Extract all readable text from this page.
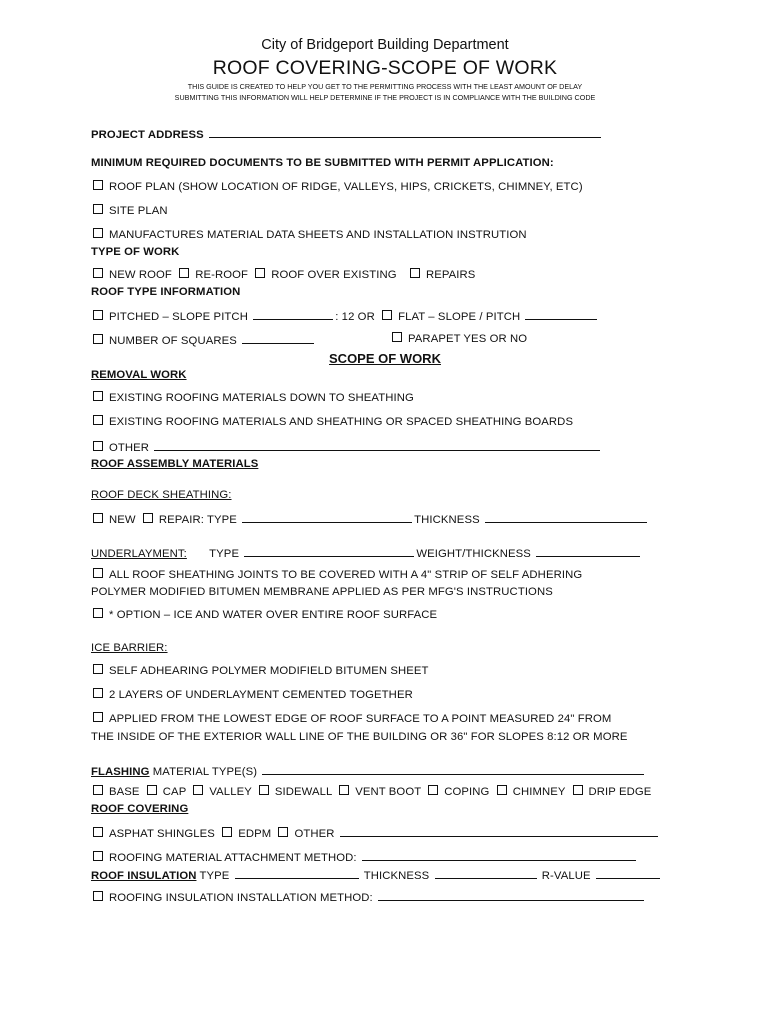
City of Bridgeport Building Department
ROOF COVERING-SCOPE OF WORK
THIS GUIDE IS CREATED TO HELP YOU GET TO THE PERMITTING PROCESS WITH THE LEAST AMOUNT OF DELAY
SUBMITTING THIS INFORMATION WILL HELP DETERMINE IF THE PROJECT IS IN COMPLIANCE WITH THE BUILDING CODE
PROJECT ADDRESS
MINIMUM REQUIRED DOCUMENTS TO BE SUBMITTED WITH PERMIT APPLICATION:
ROOF PLAN (SHOW LOCATION OF RIDGE, VALLEYS, HIPS, CRICKETS, CHIMNEY, ETC)
SITE PLAN
MANUFACTURES MATERIAL DATA SHEETS AND INSTALLATION INSTRUTION
TYPE OF WORK
NEW ROOF RE-ROOF ROOF OVER EXISTING	REPAIRS
ROOF TYPE INFORMATION
PITCHED – SLOPE PITCH	: 12 OR FLAT – SLOPE / PITCH
NUMBER OF SQUARES	PARAPET YES OR NO
SCOPE OF WORK
REMOVAL WORK
EXISTING ROOFING MATERIALS DOWN TO SHEATHING
EXISTING ROOFING MATERIALS AND SHEATHING OR SPACED SHEATHING BOARDS
OTHER
ROOF ASSEMBLY MATERIALS
ROOF DECK SHEATHING:
NEW REPAIR: TYPE	THICKNESS
UNDERLAYMENT: TYPE	WEIGHT/THICKNESS
ALL ROOF SHEATHING JOINTS TO BE COVERED WITH A 4" STRIP OF SELF ADHERING
POLYMER MODIFIED BITUMEN MEMBRANE APPLIED AS PER MFG'S INSTRUCTIONS
* OPTION – ICE AND WATER OVER ENTIRE ROOF SURFACE
ICE BARRIER:
SELF ADHEARING POLYMER MODIFIELD BITUMEN SHEET
2 LAYERS OF UNDERLAYMENT CEMENTED TOGETHER
APPLIED FROM THE LOWEST EDGE OF ROOF SURFACE TO A POINT MEASURED 24" FROM
THE INSIDE OF THE EXTERIOR WALL LINE OF THE BUILDING OR 36" FOR SLOPES 8:12 OR MORE
FLASHING MATERIAL TYPE(S)
BASE CAP VALLEY SIDEWALL VENT BOOT COPING CHIMNEY DRIP EDGE
ROOF COVERING
ASPHAT SHINGLES EDPM OTHER
ROOFING MATERIAL ATTACHMENT METHOD:
ROOF INSULATION TYPE	THICKNESS	R-VALUE
ROOFING INSULATION INSTALLATION METHOD:
